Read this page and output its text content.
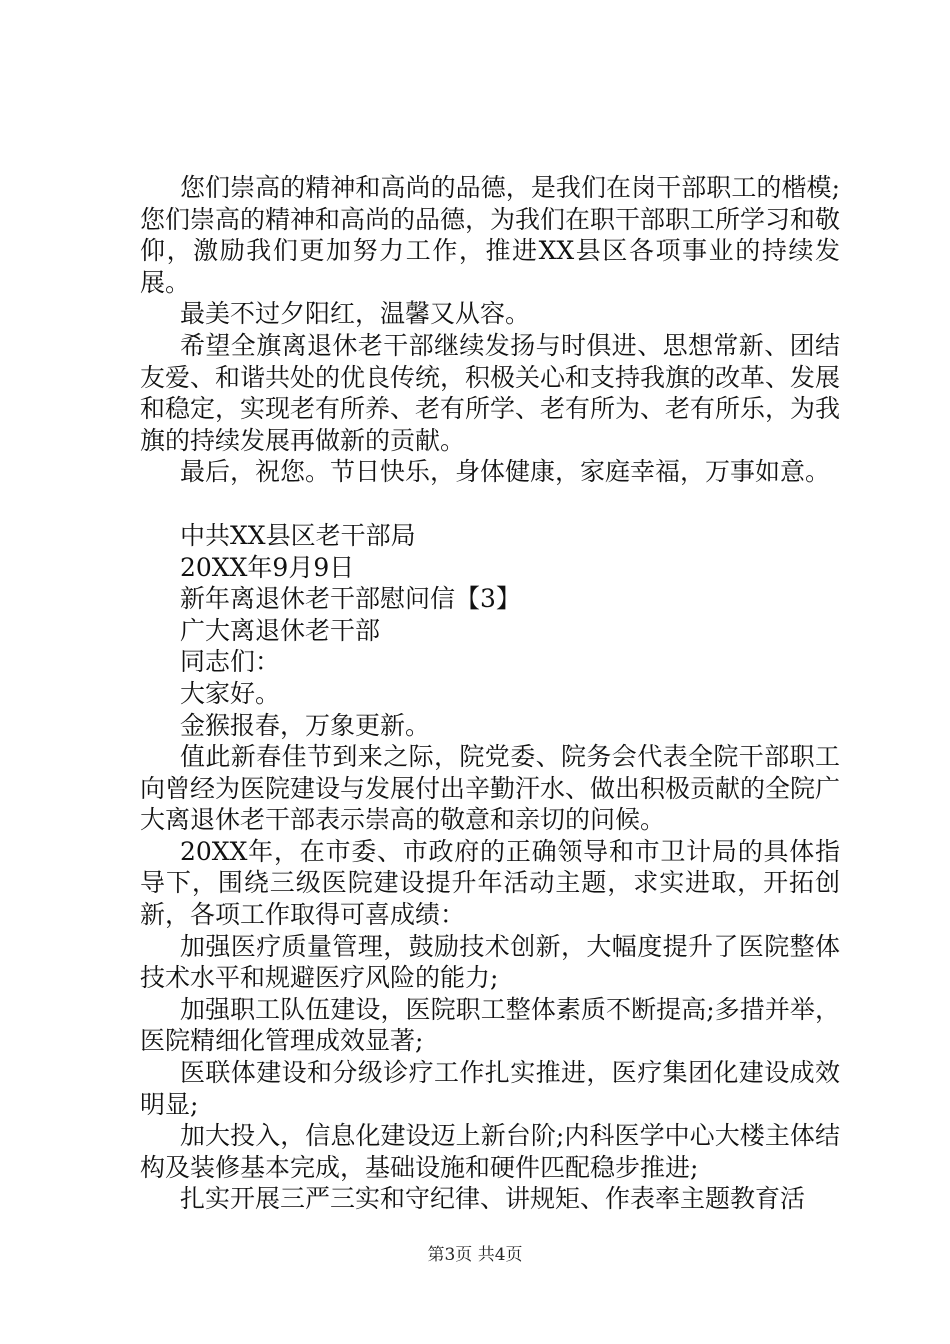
您们崇高的精神和高尚的品德，是我们在岗干部职工的楷模;您们崇高的精神和高尚的品德，为我们在职干部职工所学习和敬仰，激励我们更加努力工作，推进XX县区各项事业的持续发展。

最美不过夕阳红，温馨又从容。

希望全旗离退休老干部继续发扬与时俱进、思想常新、团结友爱、和谐共处的优良传统，积极关心和支持我旗的改革、发展和稳定，实现老有所养、老有所学、老有所为、老有所乐，为我旗的持续发展再做新的贡献。

最后，祝您。节日快乐，身体健康，家庭幸福，万事如意。

中共XX县区老干部局

20XX年9月9日

新年离退休老干部慰问信【3】

广大离退休老干部

同志们：

大家好。

金猴报春，万象更新。

值此新春佳节到来之际，院党委、院务会代表全院干部职工向曾经为医院建设与发展付出辛勤汗水、做出积极贡献的全院广大离退休老干部表示崇高的敬意和亲切的问候。

20XX年，在市委、市政府的正确领导和市卫计局的具体指导下，围绕三级医院建设提升年活动主题，求实进取，开拓创新，各项工作取得可喜成绩：

加强医疗质量管理，鼓励技术创新，大幅度提升了医院整体技术水平和规避医疗风险的能力;

加强职工队伍建设，医院职工整体素质不断提高;多措并举，医院精细化管理成效显著;

医联体建设和分级诊疗工作扎实推进，医疗集团化建设成效明显;

加大投入，信息化建设迈上新台阶;内科医学中心大楼主体结构及装修基本完成，基础设施和硬件匹配稳步推进;

扎实开展三严三实和守纪律、讲规矩、作表率主题教育活

第3页 共4页
